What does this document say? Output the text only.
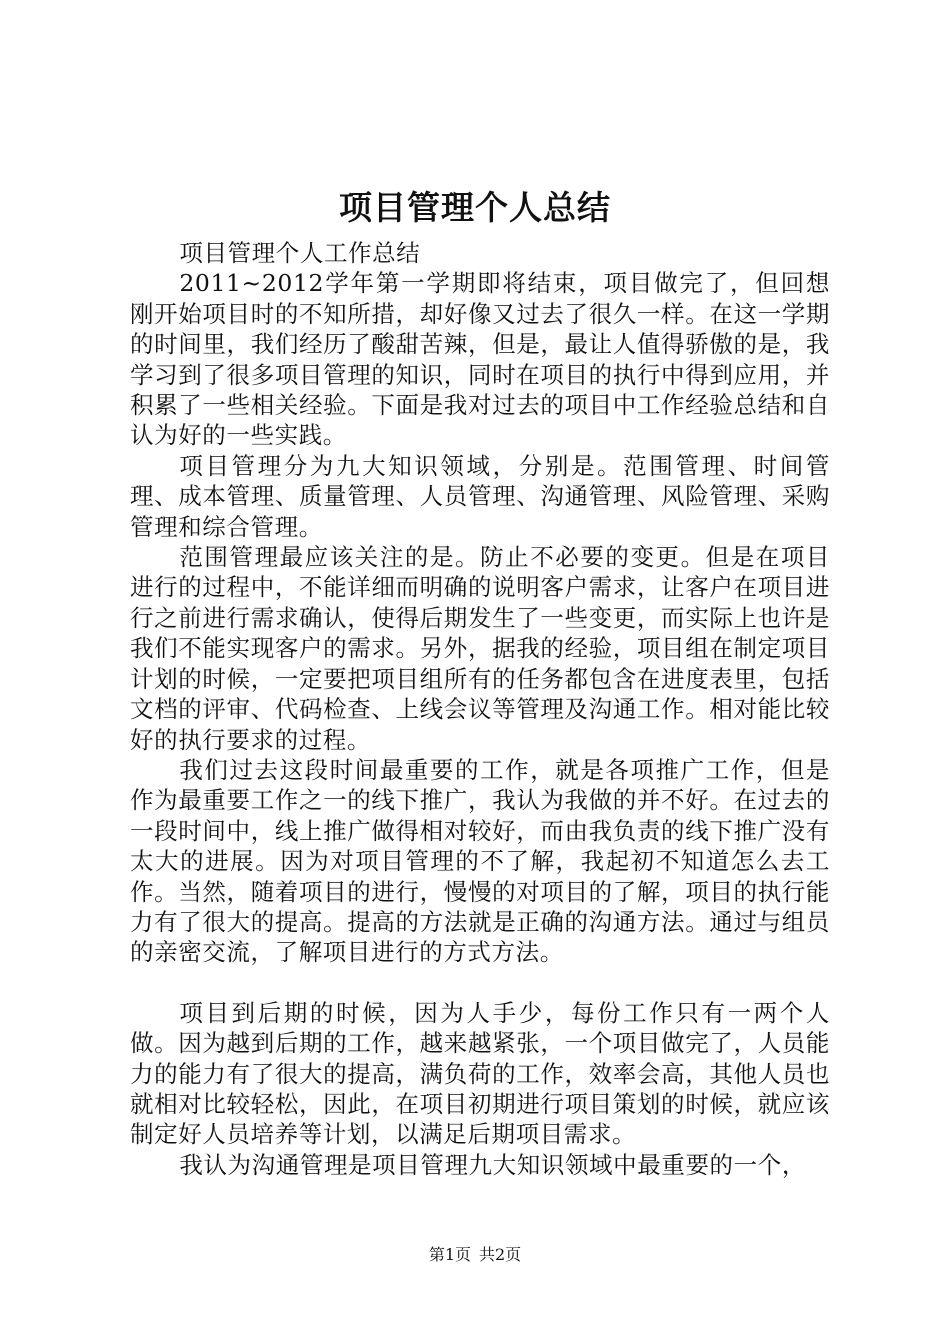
项目管理个人总结

项目管理个人工作总结

2011~2012学年第一学期即将结束，项目做完了，但回想刚开始项目时的不知所措，却好像又过去了很久一样。在这一学期的时间里，我们经历了酸甜苦辣，但是，最让人值得骄傲的是，我学习到了很多项目管理的知识，同时在项目的执行中得到应用，并积累了一些相关经验。下面是我对过去的项目中工作经验总结和自认为好的一些实践。

项目管理分为九大知识领域，分别是。范围管理、时间管理、成本管理、质量管理、人员管理、沟通管理、风险管理、采购管理和综合管理。

范围管理最应该关注的是。防止不必要的变更。但是在项目进行的过程中，不能详细而明确的说明客户需求，让客户在项目进行之前进行需求确认，使得后期发生了一些变更，而实际上也许是我们不能实现客户的需求。另外，据我的经验，项目组在制定项目计划的时候，一定要把项目组所有的任务都包含在进度表里，包括文档的评审、代码检查、上线会议等管理及沟通工作。相对能比较好的执行要求的过程。

我们过去这段时间最重要的工作，就是各项推广工作，但是作为最重要工作之一的线下推广，我认为我做的并不好。在过去的一段时间中，线上推广做得相对较好，而由我负责的线下推广没有太大的进展。因为对项目管理的不了解，我起初不知道怎么去工作。当然，随着项目的进行，慢慢的对项目的了解，项目的执行能力有了很大的提高。提高的方法就是正确的沟通方法。通过与组员的亲密交流，了解项目进行的方式方法。

项目到后期的时候，因为人手少，每份工作只有一两个人做。因为越到后期的工作，越来越紧张，一个项目做完了，人员能力的能力有了很大的提高，满负荷的工作，效率会高，其他人员也就相对比较轻松，因此，在项目初期进行项目策划的时候，就应该制定好人员培养等计划，以满足后期项目需求。

我认为沟通管理是项目管理九大知识领域中最重要的一个，

第1页 共2页
